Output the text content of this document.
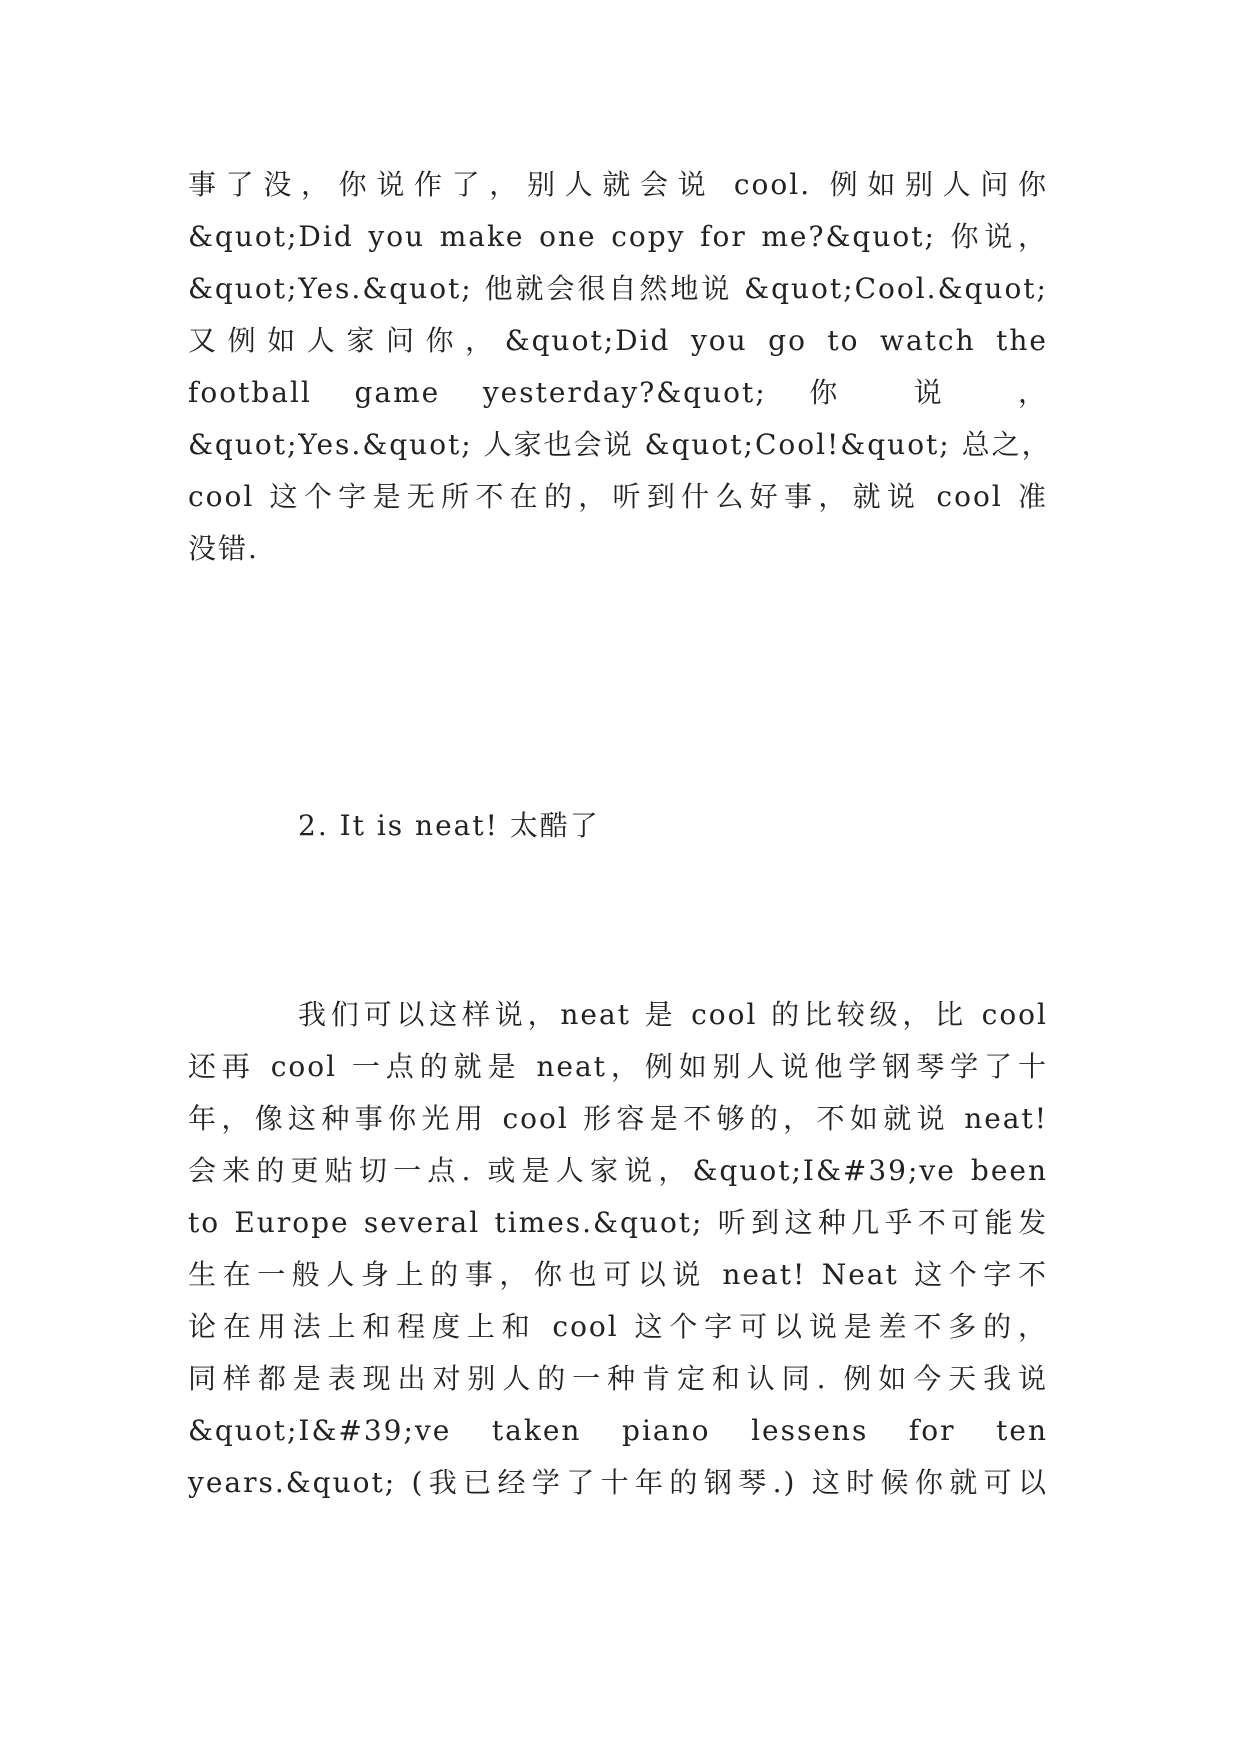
事了没，你说作了，别人就会说 cool. 例如别人问你
&quot;Did you make one copy for me?&quot; 你说，
&quot;Yes.&quot; 他就会很自然地说 &quot;Cool.&quot;
又例如人家问你，&quot;Did you go to watch the
football game yesterday?&quot; 你 说 ，
&quot;Yes.&quot; 人家也会说 &quot;Cool!&quot; 总之，
cool 这个字是无所不在的，听到什么好事，就说 cool 准
没错.
2. It is neat! 太酷了
我们可以这样说，neat 是 cool 的比较级，比 cool
还再 cool 一点的就是 neat，例如别人说他学钢琴学了十
年，像这种事你光用 cool 形容是不够的，不如就说 neat!
会来的更贴切一点. 或是人家说，&quot;I&#39;ve been
to Europe several times.&quot; 听到这种几乎不可能发
生在一般人身上的事，你也可以说 neat! Neat 这个字不
论在用法上和程度上和 cool 这个字可以说是差不多的，
同样都是表现出对别人的一种肯定和认同. 例如今天我说
&quot;I&#39;ve taken piano lessens for ten
years.&quot; (我已经学了十年的钢琴.) 这时候你就可以
